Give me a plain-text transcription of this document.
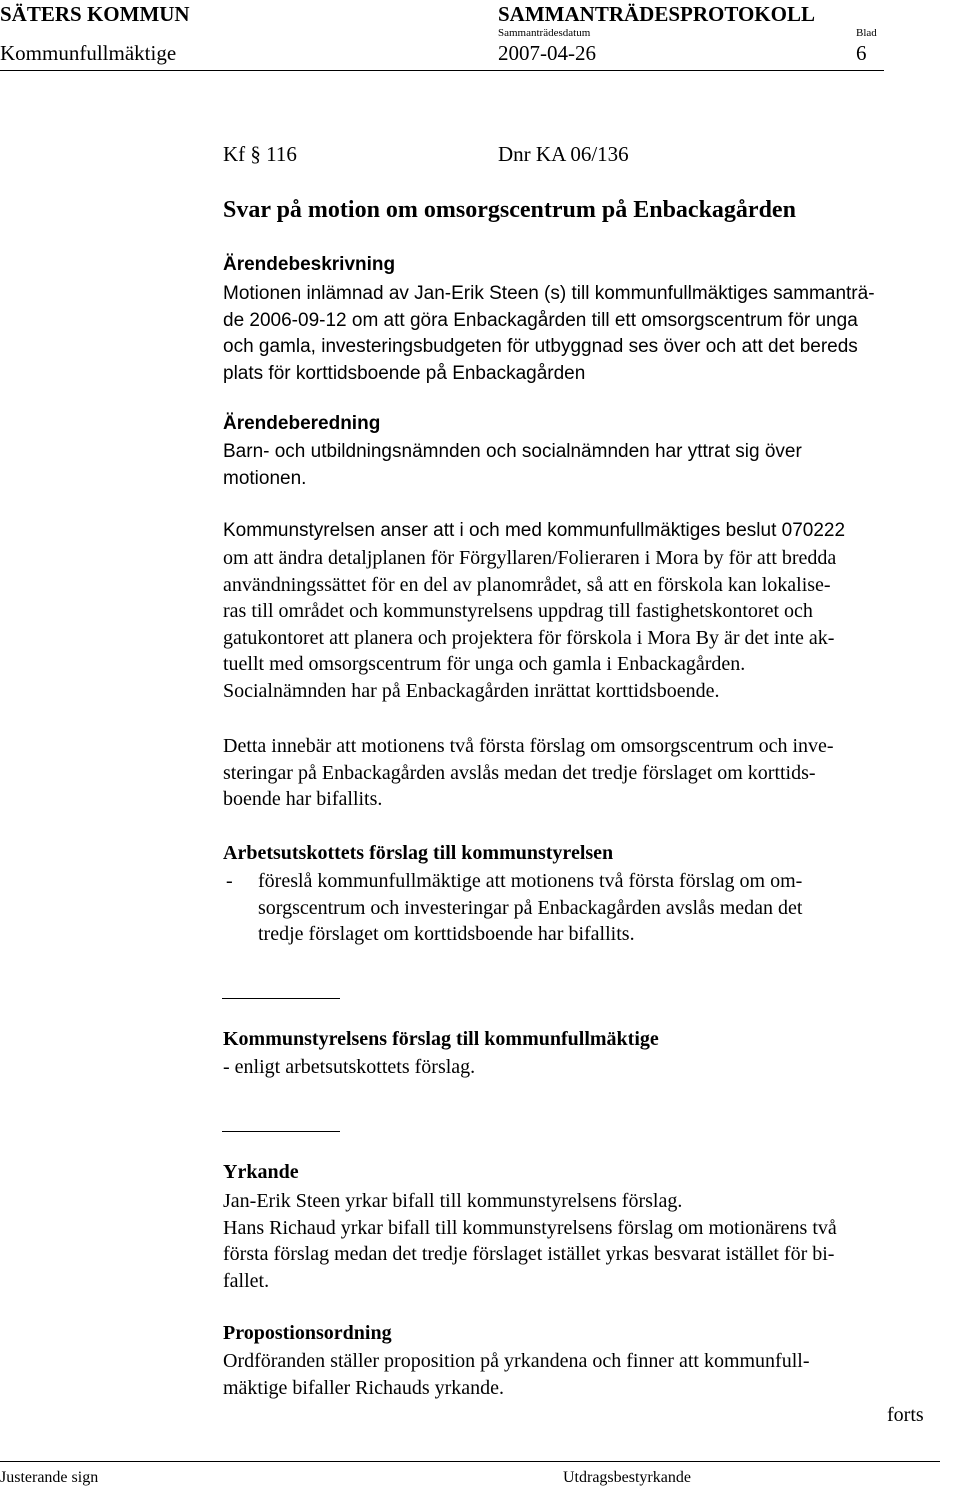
SÄTERS KOMMUN	SAMMANTRÄDESPROTOKOLL
Sammanträdesdatum	Blad
Kommunfullmäktige	2007-04-26	6
Kf § 116	Dnr KA 06/136
Svar på motion om omsorgscentrum på Enbackagården
Ärendebeskrivning
Motionen inlämnad av Jan-Erik Steen (s) till kommunfullmäktiges sammanträ-
de 2006-09-12 om att göra Enbackagården till ett omsorgscentrum för unga
och gamla, investeringsbudgeten för utbyggnad ses över och att det bereds
plats för korttidsboende på Enbackagården
Ärendeberedning
Barn- och utbildningsnämnden och socialnämnden har yttrat sig över
motionen.
Kommunstyrelsen anser att i och med kommunfullmäktiges beslut 070222
om att ändra detaljplanen för Förgyllaren/Folieraren i Mora by för att bredda
användningssättet för en del av planområdet, så att en förskola kan lokalise-
ras till området och kommunstyrelsens uppdrag till fastighetskontoret och
gatukontoret att planera och projektera för förskola i Mora By är det inte ak-
tuellt med omsorgscentrum för unga och gamla i Enbackagården.
Socialnämnden har på Enbackagården inrättat korttidsboende.
Detta innebär att motionens två första förslag om omsorgscentrum och inve-
steringar på Enbackagården avslås medan det tredje förslaget om korttids-
boende har bifallits.
Arbetsutskottets förslag till kommunstyrelsen
- föreslå kommunfullmäktige att motionens två första förslag om om-
sorgscentrum och investeringar på Enbackagården avslås medan det
tredje förslaget om korttidsboende har bifallits.
Kommunstyrelsens förslag till kommunfullmäktige
- enligt arbetsutskottets förslag.
Yrkande
Jan-Erik Steen yrkar bifall till kommunstyrelsens förslag.
Hans Richaud yrkar bifall till kommunstyrelsens förslag om motionärens två
första förslag medan det tredje förslaget istället yrkas besvarat istället för bi-
fallet.
Propostionsordning
Ordföranden ställer proposition på yrkandena och finner att kommunfull-
mäktige bifaller Richauds yrkande.
forts
Justerande sign	Utdragsbestyrkande
